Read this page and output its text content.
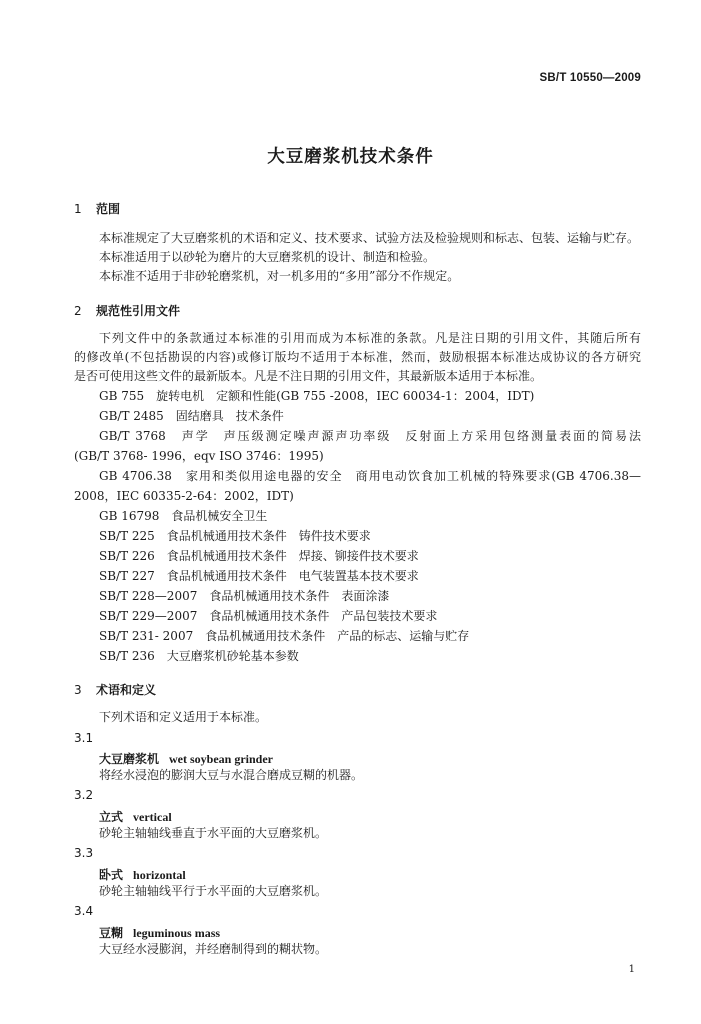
SB/T 10550—2009
大豆磨浆机技术条件
1 范围
本标准规定了大豆磨浆机的术语和定义、技术要求、试验方法及检验规则和标志、包装、运输与贮存。
本标准适用于以砂轮为磨片的大豆磨浆机的设计、制造和检验。
本标准不适用于非砂轮磨浆机，对一机多用的“多用”部分不作规定。
2 规范性引用文件
下列文件中的条款通过本标准的引用而成为本标准的条款。凡是注日期的引用文件，其随后所有
的修改单(不包括勘误的内容)或修订版均不适用于本标准，然而，鼓励根据本标准达成协议的各方研究
是否可使用这些文件的最新版本。凡是不注日期的引用文件，其最新版本适用于本标准。
GB 755　旋转电机　定额和性能(GB 755 -2008，IEC 60034-1：2004，IDT)
GB/T 2485　固结磨具　技术条件
GB/T 3768　声学　声压级测定噪声源声功率级　反射面上方采用包络测量表面的简易法
(GB/T 3768- 1996，eqv ISO 3746：1995)
GB 4706.38　家用和类似用途电器的安全　商用电动饮食加工机械的特殊要求(GB 4706.38—
2008，IEC 60335-2-64：2002，IDT)
GB 16798　食品机械安全卫生
SB/T 225　食品机械通用技术条件　铸件技术要求
SB/T 226　食品机械通用技术条件　焊接、铆接件技术要求
SB/T 227　食品机械通用技术条件　电气装置基本技术要求
SB/T 228—2007　食品机械通用技术条件　表面涂漆
SB/T 229—2007　食品机械通用技术条件　产品包装技术要求
SB/T 231- 2007　食品机械通用技术条件　产品的标志、运输与贮存
SB/T 236　大豆磨浆机砂轮基本参数
3 术语和定义
下列术语和定义适用于本标准。
3.1
大豆磨浆机 wet soybean grinder
将经水浸泡的膨润大豆与水混合磨成豆糊的机器。
3.2
立式 vertical
砂轮主轴轴线垂直于水平面的大豆磨浆机。
3.3
卧式 horizontal
砂轮主轴轴线平行于水平面的大豆磨浆机。
3.4
豆糊 leguminous mass
大豆经水浸膨润，并经磨制得到的糊状物。
1
